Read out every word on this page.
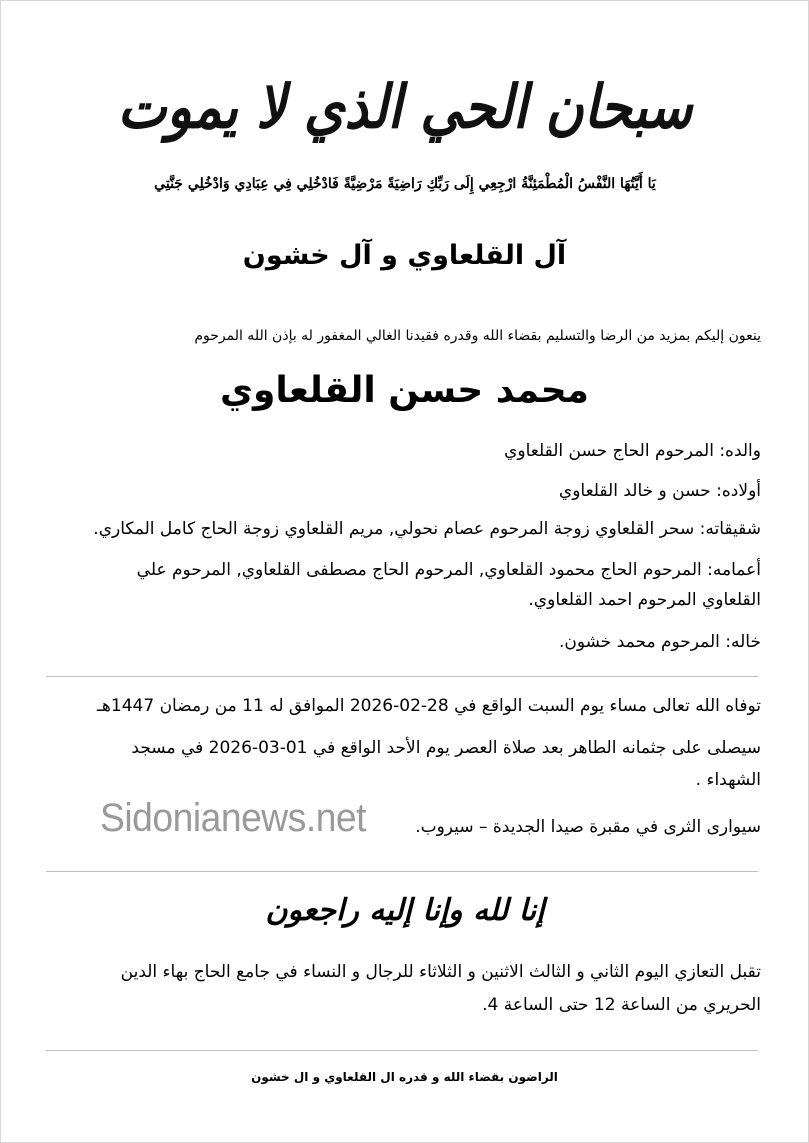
سبحان الحي الذي لا يموت
يَا أَيَّتُهَا النَّفْسُ الْمُطْمَئِنَّةُ ارْجِعِي إِلَى رَبِّكِ رَاضِيَةً مَرْضِيَّةً فَادْخُلِي فِي عِبَادِي وَادْخُلِي جَنَّتِي
آل القلعاوي و آل خشون
ينعون إليكم بمزيد من الرضا والتسليم بقضاء الله وقدره فقيدنا الغالي المغفور له بإذن الله المرحوم
محمد حسن القلعاوي
والده: المرحوم الحاج حسن القلعاوي
أولاده: حسن و خالد القلعاوي
شقيقاته: سحر القلعاوي زوجة المرحوم عصام نحولي, مريم القلعاوي زوجة الحاج كامل المكاري.
أعمامه: المرحوم الحاج محمود القلعاوي, المرحوم الحاج مصطفى القلعاوي, المرحوم علي
القلعاوي المرحوم احمد القلعاوي.
خاله: المرحوم محمد خشون.
توفاه الله تعالى مساء يوم السبت الواقع في 28-02-2026 الموافق له 11 من رمضان 1447هـ
سيصلى على جثمانه الطاهر بعد صلاة العصر يوم الأحد الواقع في 01-03-2026 في مسجد
الشهداء .
سيوارى الثرى في مقبرة صيدا الجديدة – سيروب.
Sidonianews.net
إنا لله وإنا إليه راجعون
تقبل التعازي اليوم الثاني و الثالث الاثنين و الثلاثاء للرجال و النساء في جامع الحاج بهاء الدين
الحريري من الساعة 12 حتى الساعة 4.
الراضون بقضاء الله و قدره ال القلعاوي و ال خشون
